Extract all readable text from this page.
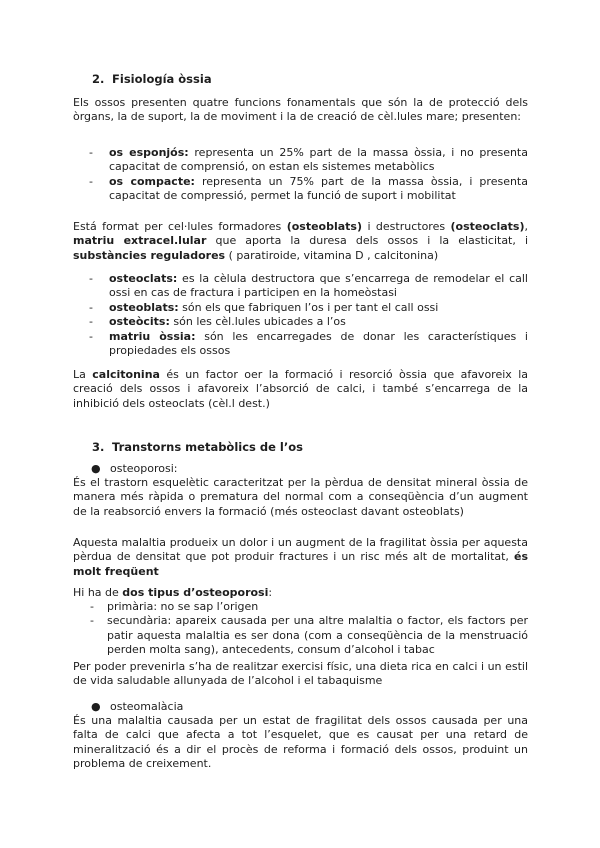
2. Fisiología òssia
Els ossos presenten quatre funcions fonamentals que són la de protecció dels òrgans, la de suport, la de moviment i la de creació de cèl.lules mare; presenten:
- os esponjós: representa un 25% part de la massa òssia, i no presenta capacitat de comprensió, on estan els sistemes metabòlics
- os compacte: representa un 75% part de la massa òssia, i presenta capacitat de compressió, permet la funció de suport i mobilitat
Está format per cel·lules formadores (osteoblats) i destructores (osteoclats), matriu extracel.lular que aporta la duresa dels ossos i la elasticitat, i substàncies reguladores ( paratiroide, vitamina D , calcitonina)
- osteoclats: es la cèlula destructora que s’encarrega de remodelar el call ossi en cas de fractura i participen en la homeòstasi
- osteoblats: són els que fabriquen l’os i per tant el call ossi
- osteòcits: són les cèl.lules ubicades a l’os
- matriu òssia: són les encarregades de donar les característiques i propiedades els ossos
La calcitonina és un factor oer la formació i resorció òssia que afavoreix la creació dels ossos i afavoreix l’absorció de calci, i també s’encarrega de la inhibició dels osteoclats (cèl.l dest.)
3. Transtorns metabòlics de l’os
● osteoporosi:
És el trastorn esquelètic caracteritzat per la pèrdua de densitat mineral òssia de manera més ràpida o prematura del normal com a conseqüència d’un augment de la reabsorció envers la formació (més osteoclast davant osteoblats)
Aquesta malaltia produeix un dolor i un augment de la fragilitat òssia per aquesta pèrdua de densitat que pot produir fractures i un risc més alt de mortalitat, és molt freqüent
Hi ha de dos tipus d’osteoporosi:
- primària: no se sap l’origen
- secundària: apareix causada per una altre malaltia o factor, els factors per patir aquesta malaltia es ser dona (com a conseqüència de la menstruació perden molta sang), antecedents, consum d’alcohol i tabac
Per poder prevenirla s’ha de realitzar exercisi físic, una dieta rica en calci i un estil de vida saludable allunyada de l’alcohol i el tabaquisme
● osteomalàcia
És una malaltia causada per un estat de fragilitat dels ossos causada per una falta de calci que afecta a tot l’esquelet, que es causat per una retard de mineralització és a dir el procès de reforma i formació dels ossos, produint un problema de creixement.
